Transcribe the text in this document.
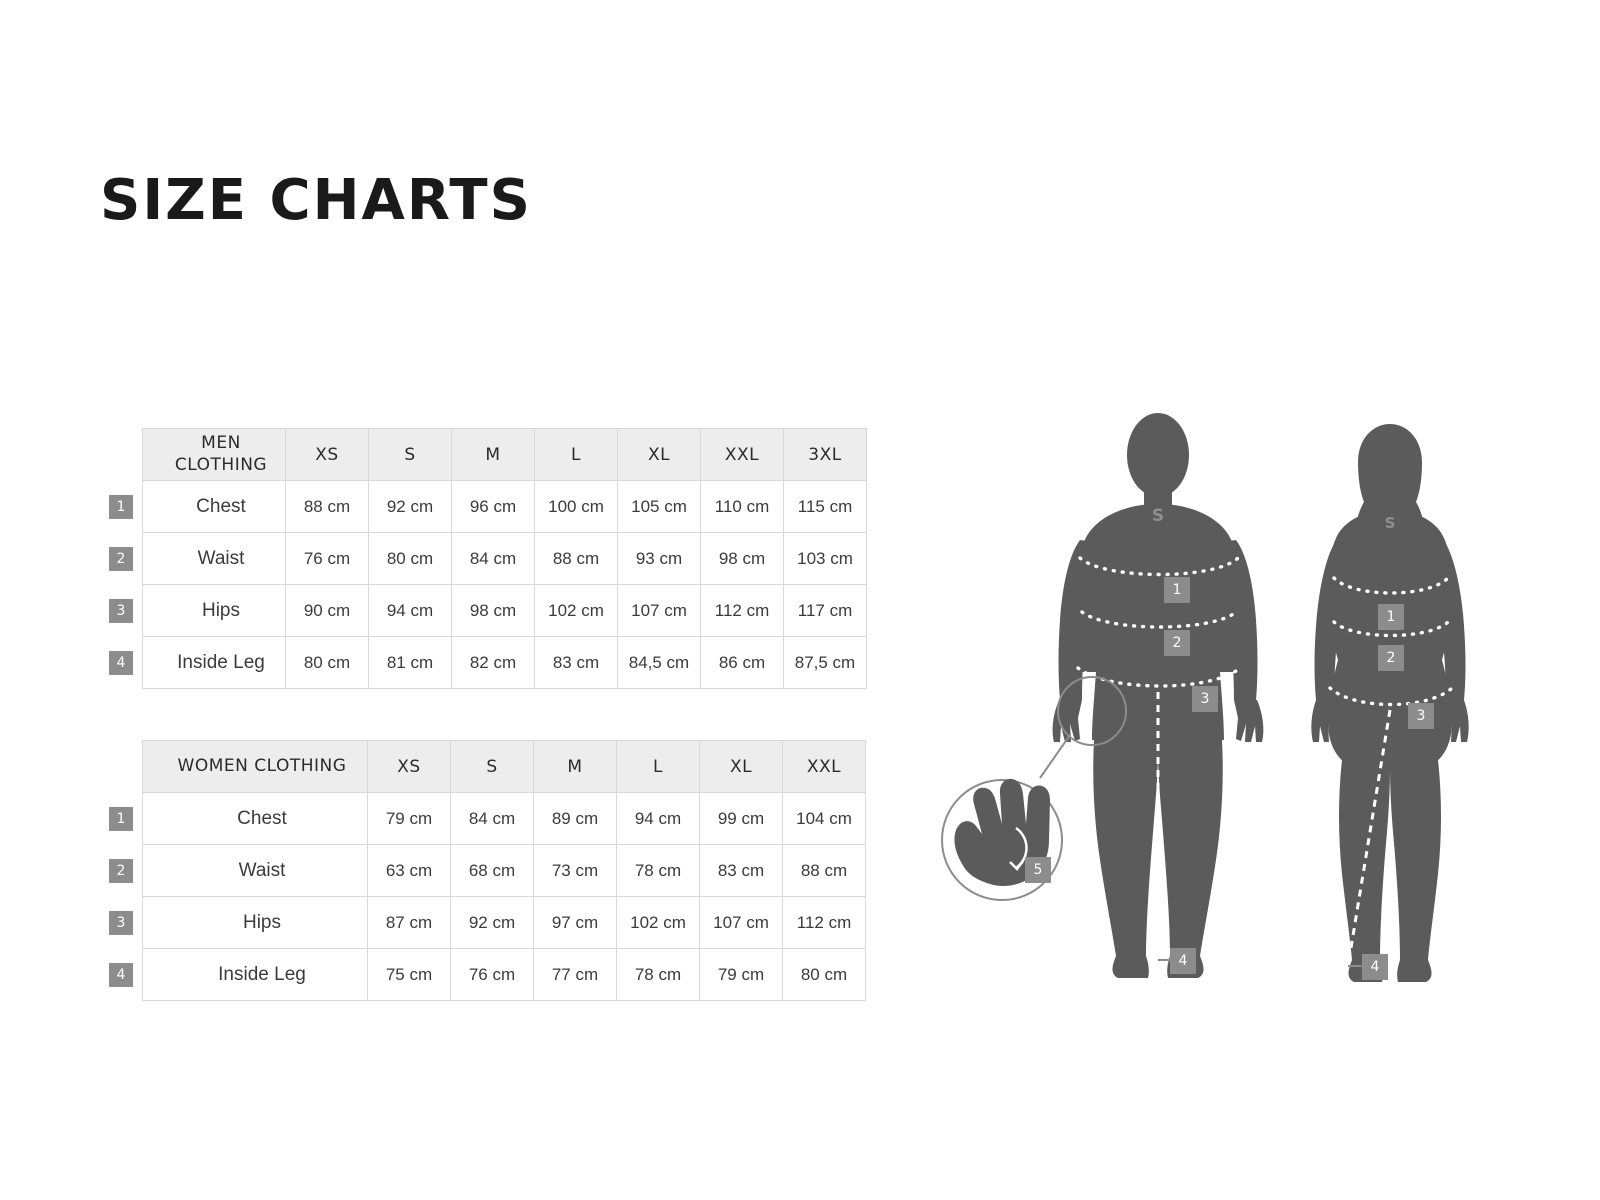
SIZE CHARTS
	MEN CLOTHING	XS	S	M	L	XL	XXL	3XL
1	Chest	88 cm	92 cm	96 cm	100 cm	105 cm	110 cm	115 cm
2	Waist	76 cm	80 cm	84 cm	88 cm	93 cm	98 cm	103 cm
3	Hips	90 cm	94 cm	98 cm	102 cm	107 cm	112 cm	117 cm
4	Inside Leg	80 cm	81 cm	82 cm	83 cm	84,5 cm	86 cm	87,5 cm
	WOMEN CLOTHING	XS	S	M	L	XL	XXL
1	Chest	79 cm	84 cm	89 cm	94 cm	99 cm	104 cm
2	Waist	63 cm	68 cm	73 cm	78 cm	83 cm	88 cm
3	Hips	87 cm	92 cm	97 cm	102 cm	107 cm	112 cm
4	Inside Leg	75 cm	76 cm	77 cm	78 cm	79 cm	80 cm
S	S
1
2
3
4
1
2
3
4
5
